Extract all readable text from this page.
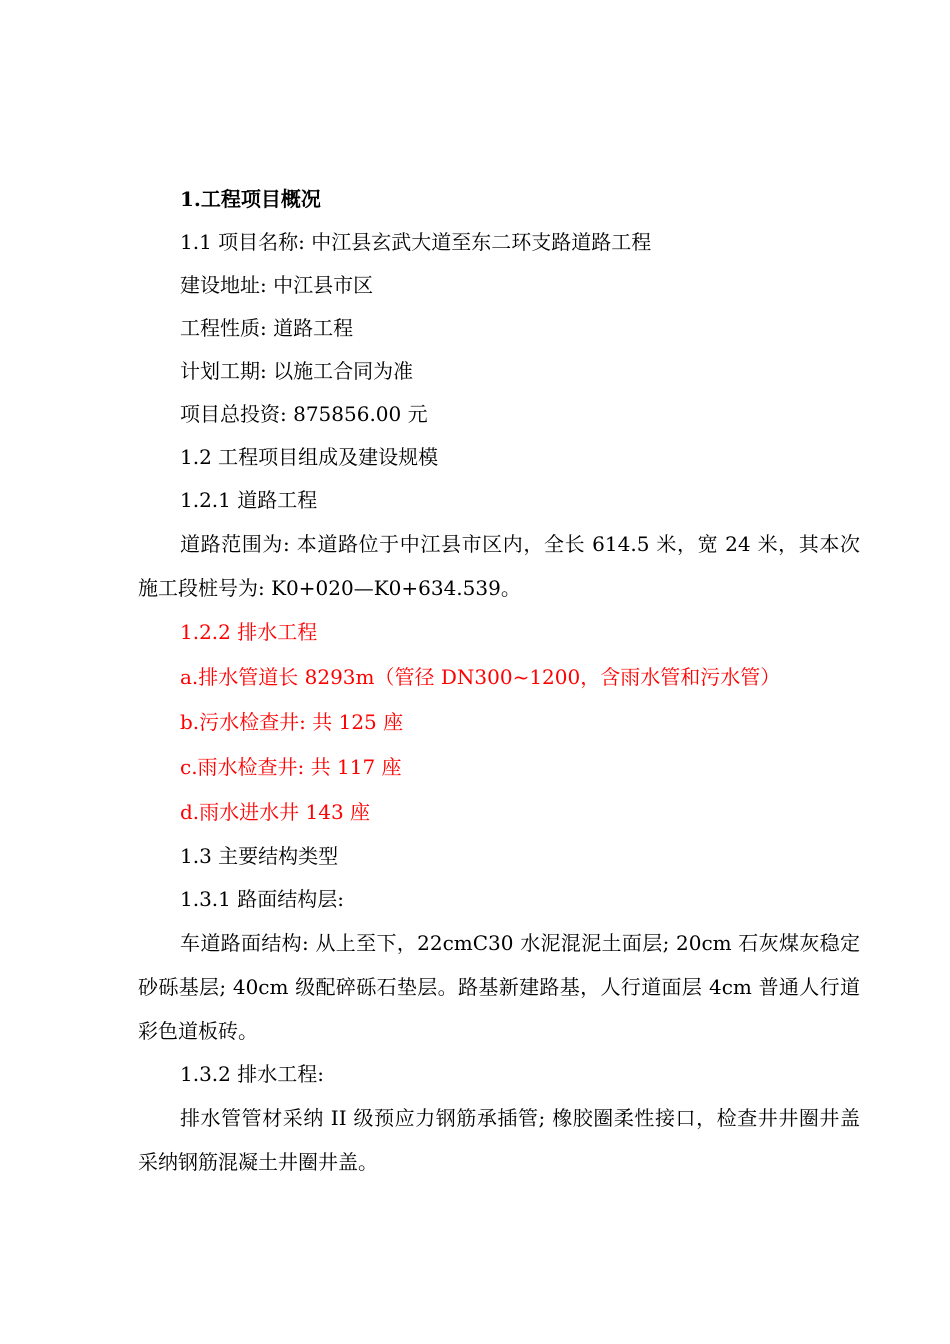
1.工程项目概况

1.1 项目名称: 中江县玄武大道至东二环支路道路工程

建设地址: 中江县市区

工程性质: 道路工程

计划工期: 以施工合同为准

项目总投资: 875856.00 元

1.2 工程项目组成及建设规模

1.2.1 道路工程

道路范围为: 本道路位于中江县市区内，全长 614.5 米，宽 24 米，其本次施工段桩号为: K0+020—K0+634.539。

1.2.2 排水工程

a.排水管道长 8293m（管径 DN300~1200，含雨水管和污水管）

b.污水检查井: 共 125 座

c.雨水检查井: 共 117 座

d.雨水进水井 143 座

1.3 主要结构类型

1.3.1 路面结构层:

车道路面结构: 从上至下，22cmC30 水泥混泥土面层; 20cm 石灰煤灰稳定砂砾基层; 40cm 级配碎砾石垫层。路基新建路基，人行道面层 4cm 普通人行道彩色道板砖。

1.3.2 排水工程:

排水管管材采纳 II 级预应力钢筋承插管; 橡胶圈柔性接口，检查井井圈井盖采纳钢筋混凝土井圈井盖。
